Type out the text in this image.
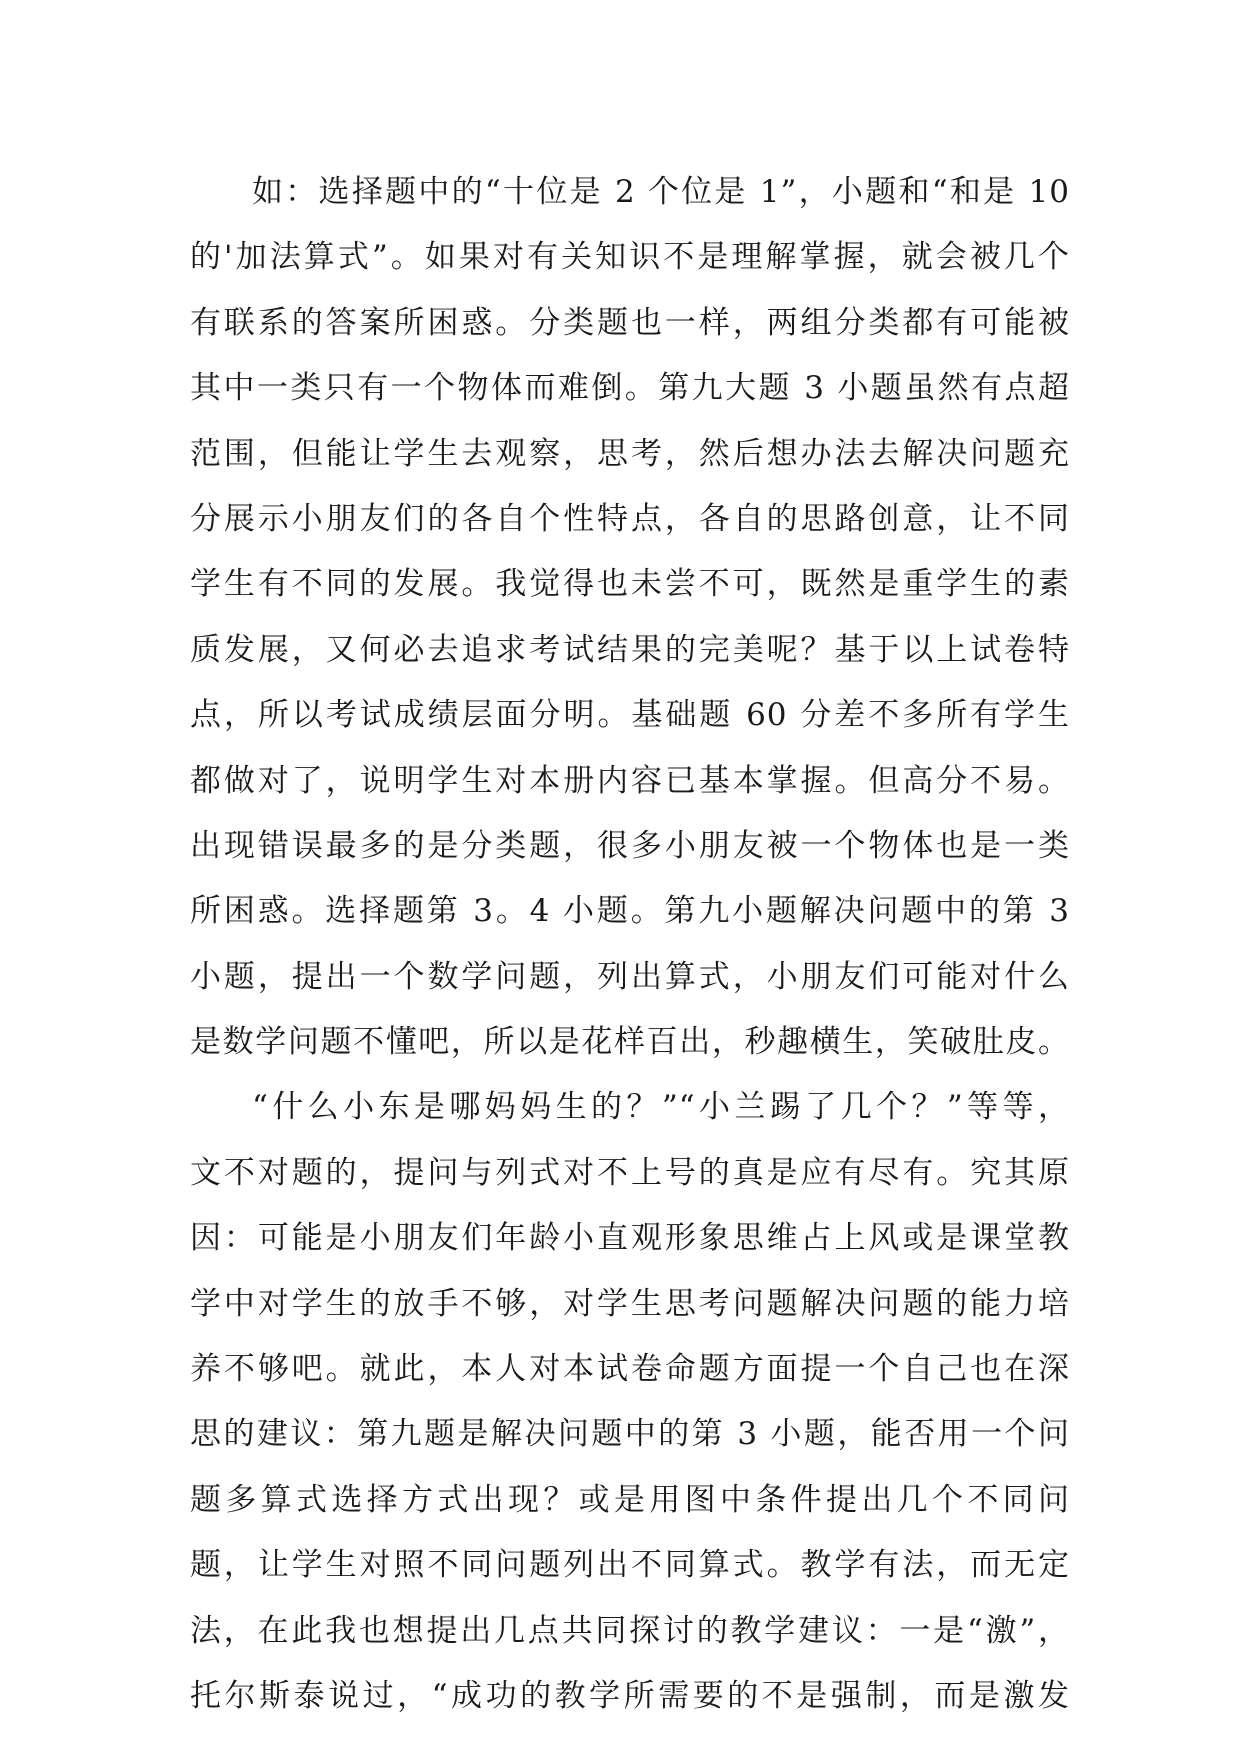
如：选择题中的“十位是 2 个位是 1”，小题和“和是 10
的'加法算式”。如果对有关知识不是理解掌握，就会被几个
有联系的答案所困惑。分类题也一样，两组分类都有可能被
其中一类只有一个物体而难倒。第九大题 3 小题虽然有点超
范围，但能让学生去观察，思考，然后想办法去解决问题充
分展示小朋友们的各自个性特点，各自的思路创意，让不同
学生有不同的发展。我觉得也未尝不可，既然是重学生的素
质发展，又何必去追求考试结果的完美呢？基于以上试卷特
点，所以考试成绩层面分明。基础题 60 分差不多所有学生
都做对了，说明学生对本册内容已基本掌握。但高分不易。
出现错误最多的是分类题，很多小朋友被一个物体也是一类
所困惑。选择题第 3。4 小题。第九小题解决问题中的第 3
小题，提出一个数学问题，列出算式，小朋友们可能对什么
是数学问题不懂吧，所以是花样百出，秒趣横生，笑破肚皮。
“什么小东是哪妈妈生的？”“小兰踢了几个？”等等，
文不对题的，提问与列式对不上号的真是应有尽有。究其原
因：可能是小朋友们年龄小直观形象思维占上风或是课堂教
学中对学生的放手不够，对学生思考问题解决问题的能力培
养不够吧。就此，本人对本试卷命题方面提一个自己也在深
思的建议：第九题是解决问题中的第 3 小题，能否用一个问
题多算式选择方式出现？或是用图中条件提出几个不同问
题，让学生对照不同问题列出不同算式。教学有法，而无定
法，在此我也想提出几点共同探讨的教学建议：一是“激”，
托尔斯泰说过，“成功的教学所需要的不是强制，而是激发
